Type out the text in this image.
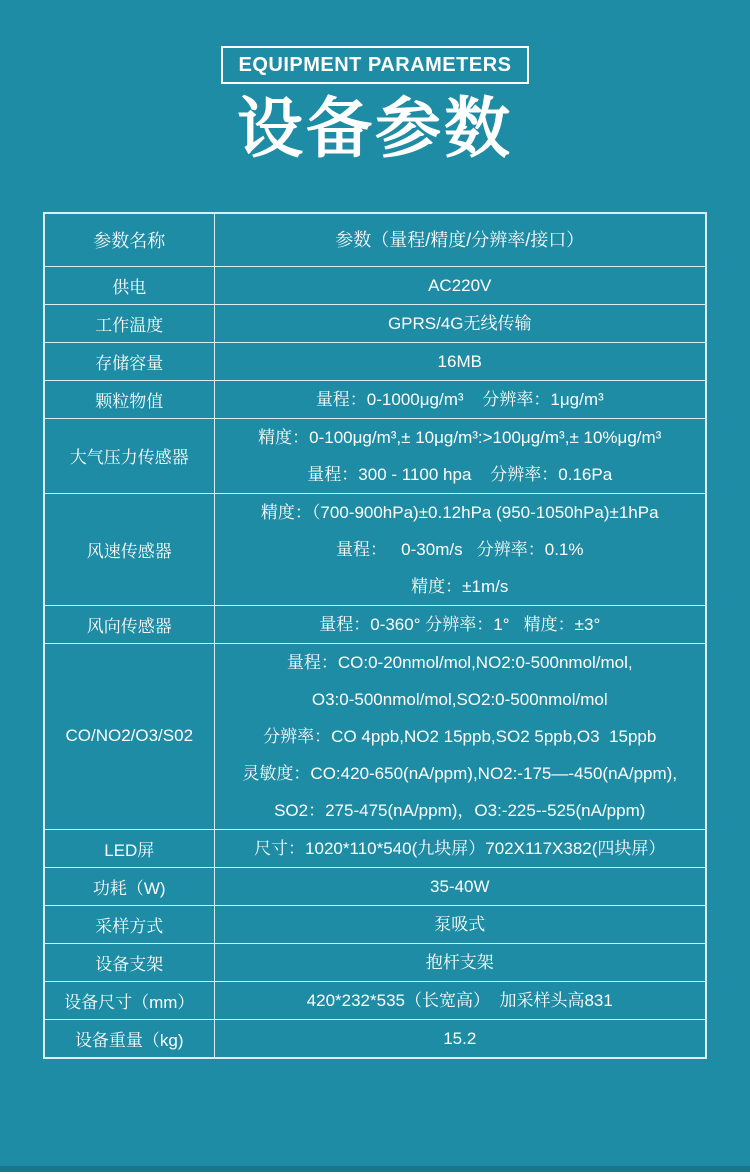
EQUIPMENT PARAMETERS
设备参数
参数名称	参数（量程/精度/分辨率/接口）

供电	AC220V

工作温度	GPRS/4G无线传输

存储容量	16MB

颗粒物值	量程：0-1000μg/m³    分辨率：1μg/m³

大气压力传感器	精度：0-100μg/m³,± 10μg/m³:>100μg/m³,± 10%μg/m³
量程：300 - 1100 hpa    分辨率：0.16Pa

风速传感器	精度：（700-900hPa)±0.12hPa (950-1050hPa)±1hPa
量程：   0-30m/s   分辨率：0.1%
精度：±1m/s

风向传感器	量程：0-360° 分辨率：1°   精度：±3°

CO/NO2/O3/S02	量程：CO:0-20nmol/mol,NO2:0-500nmol/mol,
O3:0-500nmol/mol,SO2:0-500nmol/mol
分辨率：CO 4ppb,NO2 15ppb,SO2 5ppb,O3  15ppb
灵敏度：CO:420-650(nA/ppm),NO2:-175—-450(nA/ppm),
SO2：275-475(nA/ppm)，O3:-225--525(nA/ppm)

LED屏	尺寸：1020*110*540(九块屏）702X117X382(四块屏）

功耗（W)	35-40W

采样方式	泵吸式

设备支架	抱杆支架

设备尺寸（mm）	420*232*535（长宽高）  加采样头高831

设备重量（kg)	15.2
